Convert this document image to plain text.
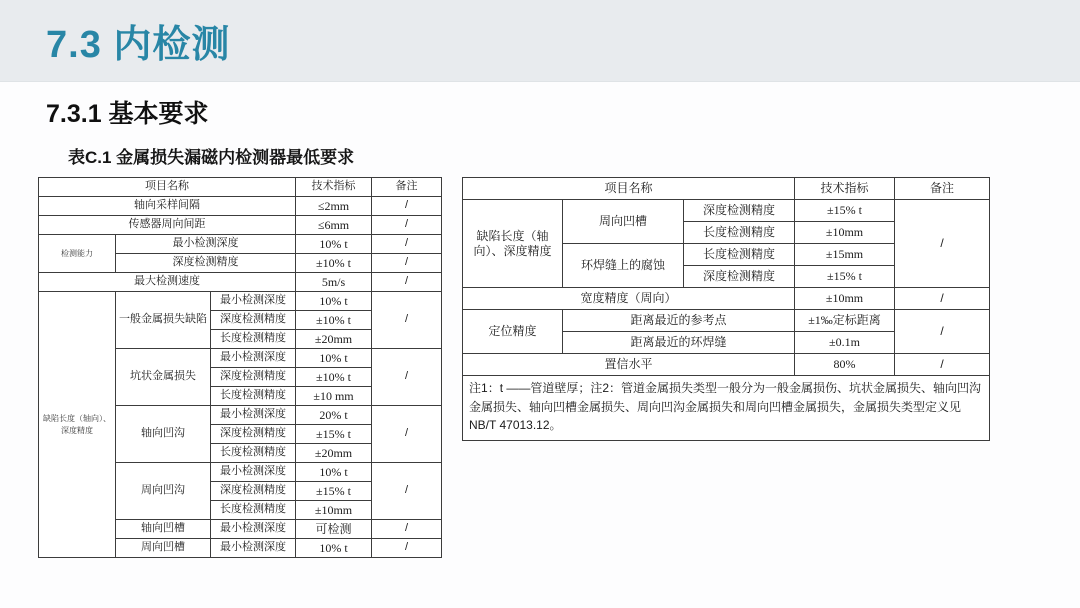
7.3 内检测
7.3.1 基本要求
表C.1 金属损失漏磁内检测器最低要求
项目名称			技术指标	备注
轴向采样间隔			≤2mm	/
传感器周向间距			≤6mm	/
检测能力	最小检测深度		10% t	/
	深度检测精度		±10% t	/
最大检测速度			5m/s	/
缺陷长度（轴向）、深度精度	一般金属损失缺陷	最小检测深度	10% t	/
		深度检测精度	±10% t	
		长度检测精度	±20mm	
	坑状金属损失	最小检测深度	10% t	/
		深度检测精度	±10% t	
		长度检测精度	±10 mm	
	轴向凹沟	最小检测深度	20% t	/
		深度检测精度	±15% t	
		长度检测精度	±20mm	
	周向凹沟	最小检测深度	10% t	/
		深度检测精度	±15% t	
		长度检测精度	±10mm	
	轴向凹槽	最小检测深度	可检测	/
	周向凹槽	最小检测深度	10% t	/
项目名称			技术指标	备注
缺陷长度（轴向）、深度精度	周向凹槽	深度检测精度	±15% t	/
		长度检测精度	±10mm	
	环焊缝上的腐蚀	长度检测精度	±15mm	
		深度检测精度	±15% t	
宽度精度（周向）			±10mm	/
定位精度	距离最近的参考点		±1‰定标距离	/
	距离最近的环焊缝		±0.1m	
置信水平			80%	/
注1：t ——管道壁厚；注2：管道金属损失类型一般分为一般金属损伤、坑状金属损失、轴向凹沟金属损失、轴向凹槽金属损失、周向凹沟金属损失和周向凹槽金属损失，金属损失类型定义见NB/T 47013.12。				
